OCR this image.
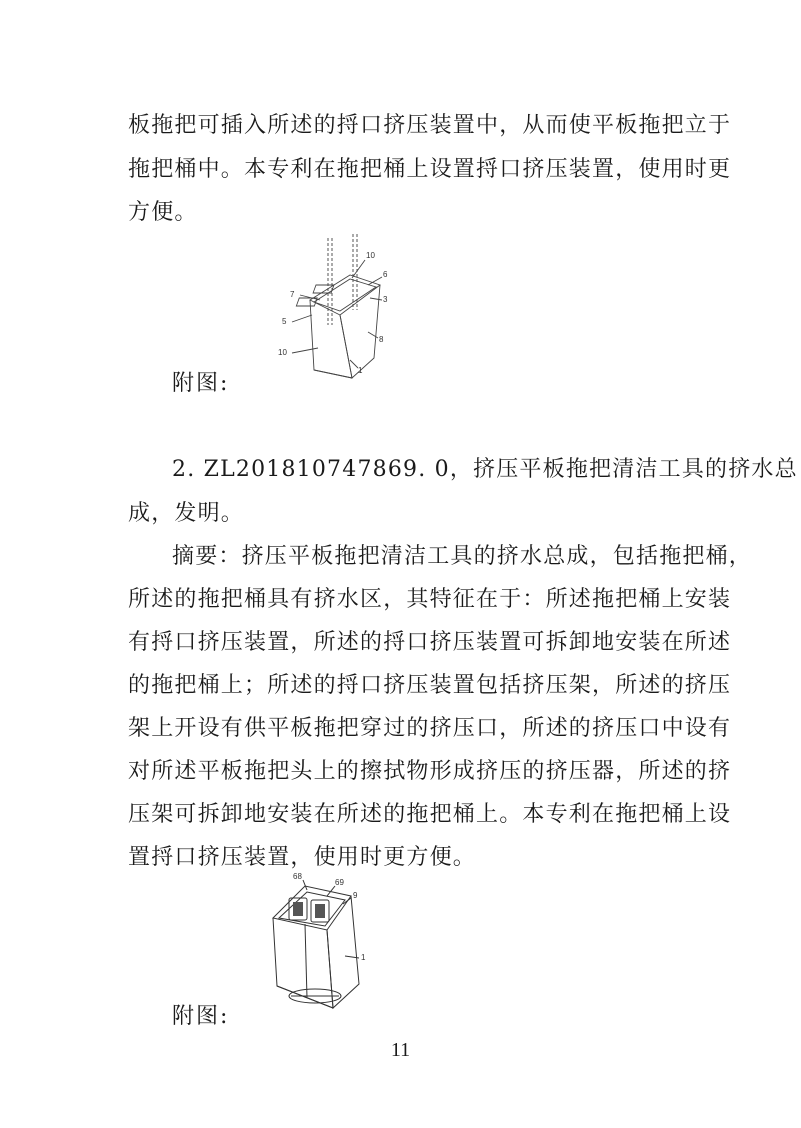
板拖把可插入所述的捋口挤压装置中，从而使平板拖把立于
拖把桶中。本专利在拖把桶上设置捋口挤压装置，使用时更
方便。
10
6
7
3
5
8
10
1
附图:
2. ZL201810747869. 0，挤压平板拖把清洁工具的挤水总
成，发明。
摘要：挤压平板拖把清洁工具的挤水总成，包括拖把桶，
所述的拖把桶具有挤水区，其特征在于：所述拖把桶上安装
有捋口挤压装置，所述的捋口挤压装置可拆卸地安装在所述
的拖把桶上；所述的捋口挤压装置包括挤压架，所述的挤压
架上开设有供平板拖把穿过的挤压口，所述的挤压口中设有
对所述平板拖把头上的擦拭物形成挤压的挤压器，所述的挤
压架可拆卸地安装在所述的拖把桶上。本专利在拖把桶上设
置捋口挤压装置，使用时更方便。
68
69
9
1
附图:
11
